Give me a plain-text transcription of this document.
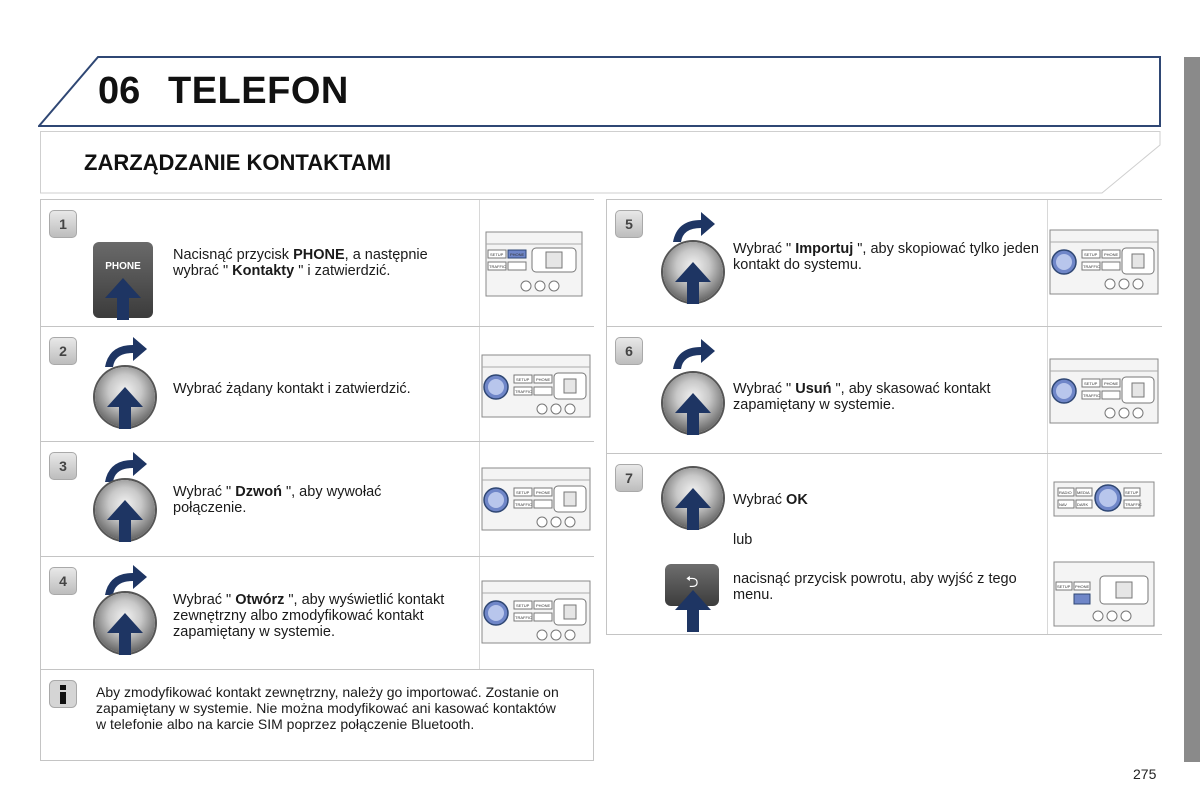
06 TELEFON
ZARZĄDZANIE KONTAKTAMI
1
PHONE
Nacisnąć przycisk PHONE, a następnie wybrać " Kontakty " i zatwierdzić.
SETUP PHONE
TRAFFIC
2
Wybrać żądany kontakt i zatwierdzić.
SETUP PHONE
TRAFFIC
3
Wybrać " Dzwoń ", aby wywołać połączenie.
SETUP PHONE
TRAFFIC
4
Wybrać " Otwórz ", aby wyświetlić kontakt zewnętrzny albo zmodyfikować kontakt zapamiętany w systemie.
SETUP PHONE
TRAFFIC
Aby zmodyfikować kontakt zewnętrzny, należy go importować. Zostanie on zapamiętany w systemie. Nie można modyfikować ani kasować kontaktów w telefonie albo na karcie SIM poprzez połączenie Bluetooth.
5
Wybrać " Importuj ", aby skopiować tylko jeden kontakt do systemu.
SETUP PHONE
TRAFFIC
6
Wybrać " Usuń ", aby skasować kontakt zapamiętany w systemie.
SETUP PHONE
TRAFFIC
7
Wybrać OK
lub
⮌	nacisnąć przycisk powrotu, aby wyjść z tego menu.
RADIO MEDIA
NAV	DARK
SETUP
TRAFFIC
SETUP PHONE
275
